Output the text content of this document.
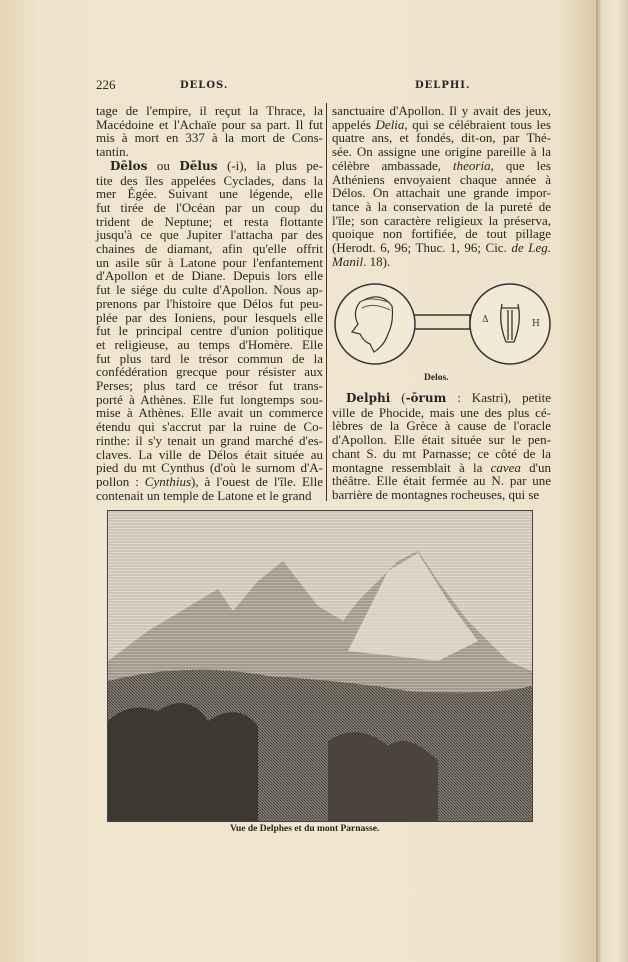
226	DELOS.	DELPHI.
tage de l'empire, il reçut la Thrace, la
Macédoine et l'Achaïe pour sa part. Il fut
mis à mort en 337 à la mort de Cons-
tantin.
Dēlos ou Dēlus (-i), la plus pe-
tite des îles appelées Cyclades, dans la
mer Égée. Suivant une légende, elle
fut tirée de l'Océan par un coup du
trident de Neptune; et resta flottante
jusqu'à ce que Jupiter l'attacha par des
chaines de diamant, afin qu'elle offrit
un asile sûr à Latone pour l'enfantement
d'Apollon et de Diane. Depuis lors elle
fut le siége du culte d'Apollon. Nous ap-
prenons par l'histoire que Délos fut peu-
plée par des Ioniens, pour lesquels elle
fut le principal centre d'union politique
et religieuse, au temps d'Homère. Elle
fut plus tard le trésor commun de la
confédération grecque pour résister aux
Perses; plus tard ce trésor fut trans-
porté à Athènes. Elle fut longtemps sou-
mise à Athènes. Elle avait un commerce
étendu qui s'accrut par la ruine de Co-
rinthe: il s'y tenait un grand marché d'es-
claves. La ville de Délos était située au
pied du mt Cynthus (d'où le surnom d'A-
pollon : Cynthius), à l'ouest de l'île. Elle
contenait un temple de Latone et le grand
sanctuaire d'Apollon. Il y avait des jeux,
appelés Delia, qui se célébraient tous les
quatre ans, et fondés, dit-on, par Thé-
sée. On assigne une origine pareille à la
célèbre ambassade, theoria, que les
Athéniens envoyaient chaque année à
Délos. On attachait une grande impor-
tance à la conservation de la pureté de
l'île; son caractère religieux la préserva,
quoique non fortifiée, de tout pillage
(Herodt. 6, 96; Thuc. 1, 96; Cic. de Leg.
Manil. 18).
Δ	H
Delos.
Delphi (-ōrum : Kastri), petite
ville de Phocide, mais une des plus cé-
lèbres de la Grèce à cause de l'oracle
d'Apollon. Elle était située sur le pen-
chant S. du mt Parnasse; ce côté de la
montagne ressemblait à la cavea d'un
théâtre. Elle était fermée au N. par une
barrière de montagnes rocheuses, qui se
Vue de Delphes et du mont Parnasse.
